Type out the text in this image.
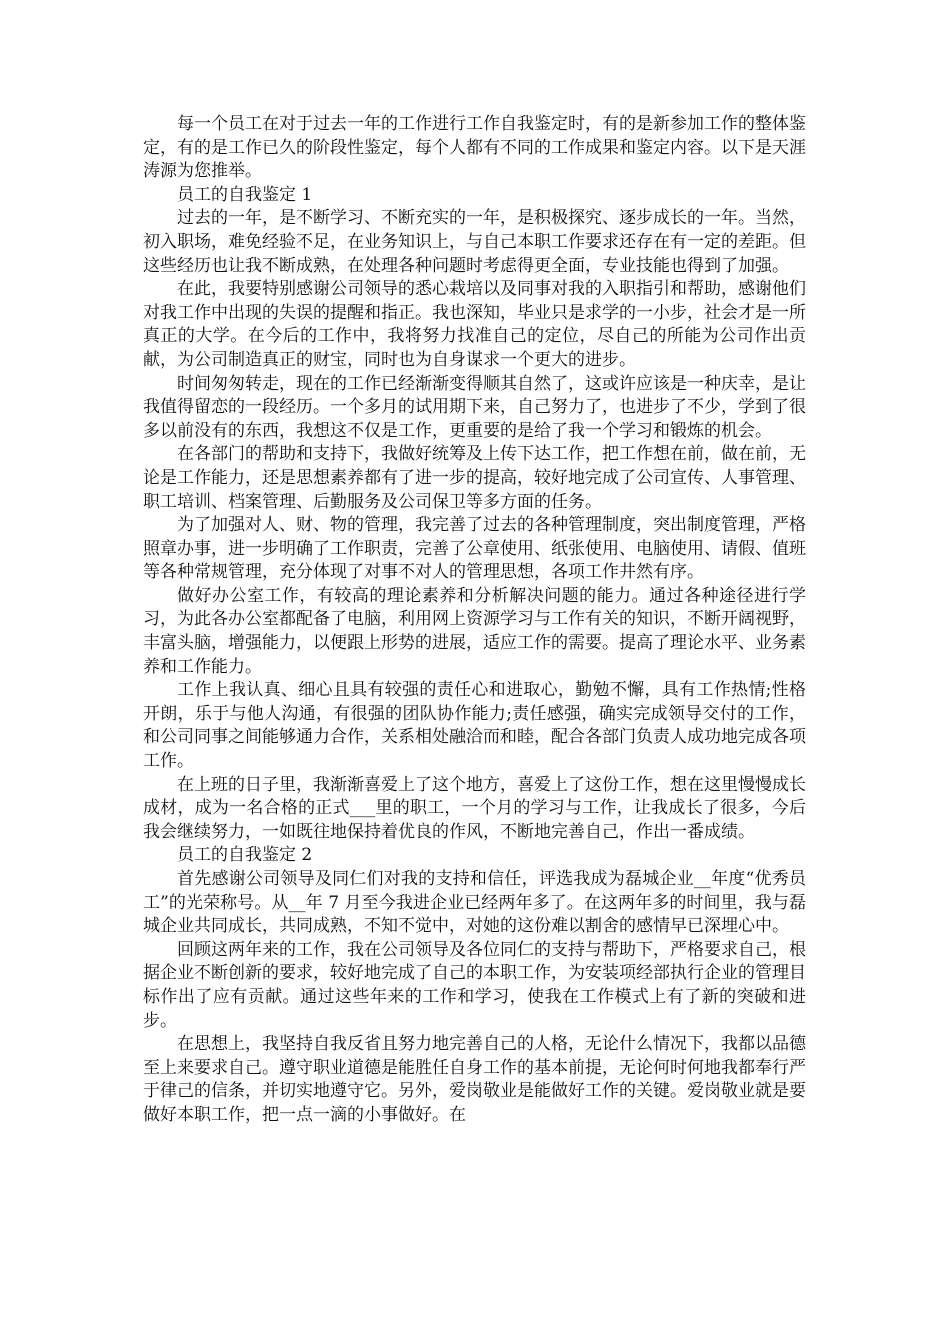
每一个员工在对于过去一年的工作进行工作自我鉴定时，有的是新参加工作的整体鉴定，有的是工作已久的阶段性鉴定，每个人都有不同的工作成果和鉴定内容。以下是天涯涛源为您推举。

员工的自我鉴定 1

过去的一年，是不断学习、不断充实的一年，是积极探究、逐步成长的一年。当然，初入职场，难免经验不足，在业务知识上，与自己本职工作要求还存在有一定的差距。但这些经历也让我不断成熟，在处理各种问题时考虑得更全面，专业技能也得到了加强。

在此，我要特别感谢公司领导的悉心栽培以及同事对我的入职指引和帮助，感谢他们对我工作中出现的失误的提醒和指正。我也深知，毕业只是求学的一小步，社会才是一所真正的大学。在今后的工作中，我将努力找准自己的定位，尽自己的所能为公司作出贡献，为公司制造真正的财宝，同时也为自身谋求一个更大的进步。

时间匆匆转走，现在的工作已经渐渐变得顺其自然了，这或许应该是一种庆幸，是让我值得留恋的一段经历。一个多月的试用期下来，自己努力了，也进步了不少，学到了很多以前没有的东西，我想这不仅是工作，更重要的是给了我一个学习和锻炼的机会。

在各部门的帮助和支持下，我做好统筹及上传下达工作，把工作想在前，做在前，无论是工作能力，还是思想素养都有了进一步的提高，较好地完成了公司宣传、人事管理、职工培训、档案管理、后勤服务及公司保卫等多方面的任务。

为了加强对人、财、物的管理，我完善了过去的各种管理制度，突出制度管理，严格照章办事，进一步明确了工作职责，完善了公章使用、纸张使用、电脑使用、请假、值班等各种常规管理，充分体现了对事不对人的管理思想，各项工作井然有序。

做好办公室工作，有较高的理论素养和分析解决问题的能力。通过各种途径进行学习，为此各办公室都配备了电脑，利用网上资源学习与工作有关的知识，不断开阔视野，丰富头脑，增强能力，以便跟上形势的进展，适应工作的需要。提高了理论水平、业务素养和工作能力。

工作上我认真、细心且具有较强的责任心和进取心，勤勉不懈，具有工作热情;性格开朗，乐于与他人沟通，有很强的团队协作能力;责任感强，确实完成领导交付的工作，和公司同事之间能够通力合作，关系相处融洽而和睦，配合各部门负责人成功地完成各项工作。

在上班的日子里，我渐渐喜爱上了这个地方，喜爱上了这份工作，想在这里慢慢成长成材，成为一名合格的正式___里的职工，一个月的学习与工作，让我成长了很多，今后我会继续努力，一如既往地保持着优良的作风，不断地完善自己，作出一番成绩。

员工的自我鉴定 2

首先感谢公司领导及同仁们对我的支持和信任，评选我成为磊城企业__年度“优秀员工”的光荣称号。从__年 7 月至今我进企业已经两年多了。在这两年多的时间里，我与磊城企业共同成长，共同成熟，不知不觉中，对她的这份难以割舍的感情早已深埋心中。

回顾这两年来的工作，我在公司领导及各位同仁的支持与帮助下，严格要求自己，根据企业不断创新的要求，较好地完成了自己的本职工作，为安装项经部执行企业的管理目标作出了应有贡献。通过这些年来的工作和学习，使我在工作模式上有了新的突破和进步。

在思想上，我坚持自我反省且努力地完善自己的人格，无论什么情况下，我都以品德至上来要求自己。遵守职业道德是能胜任自身工作的基本前提，无论何时何地我都奉行严于律己的信条，并切实地遵守它。另外，爱岗敬业是能做好工作的关键。爱岗敬业就是要做好本职工作，把一点一滴的小事做好。在
